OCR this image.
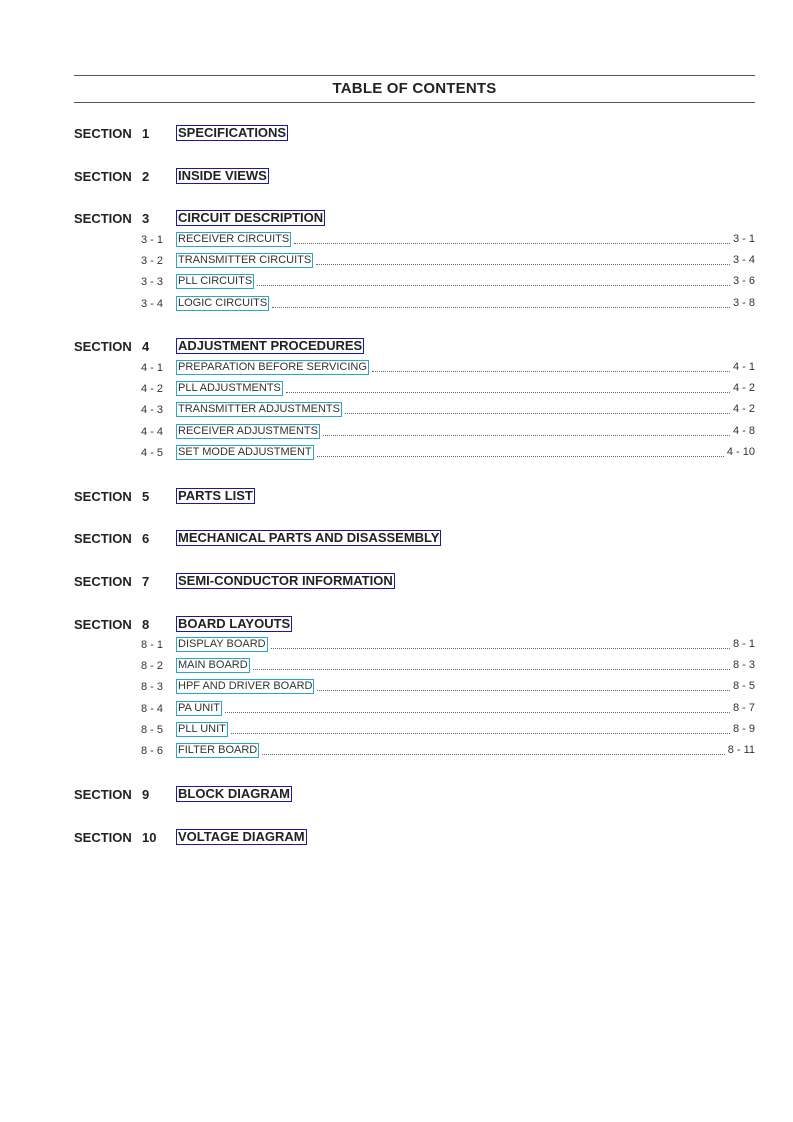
TABLE OF CONTENTS
SECTION 1 SPECIFICATIONS
SECTION 2 INSIDE VIEWS
SECTION 3 CIRCUIT DESCRIPTION
3 - 1 RECEIVER CIRCUITS	3 - 1
3 - 2 TRANSMITTER CIRCUITS	3 - 4
3 - 3 PLL CIRCUITS	3 - 6
3 - 4 LOGIC CIRCUITS	3 - 8
SECTION 4 ADJUSTMENT PROCEDURES
4 - 1 PREPARATION BEFORE SERVICING	4 - 1
4 - 2 PLL ADJUSTMENTS	4 - 2
4 - 3 TRANSMITTER ADJUSTMENTS	4 - 2
4 - 4 RECEIVER ADJUSTMENTS	4 - 8
4 - 5 SET MODE ADJUSTMENT	4 - 10
SECTION 5 PARTS LIST
SECTION 6 MECHANICAL PARTS AND DISASSEMBLY
SECTION 7 SEMI-CONDUCTOR INFORMATION
SECTION 8 BOARD LAYOUTS
8 - 1 DISPLAY BOARD	8 - 1
8 - 2 MAIN BOARD	8 - 3
8 - 3 HPF AND DRIVER BOARD	8 - 5
8 - 4 PA UNIT	8 - 7
8 - 5 PLL UNIT	8 - 9
8 - 6 FILTER BOARD	8 - 11
SECTION 9 BLOCK DIAGRAM
SECTION 10 VOLTAGE DIAGRAM
